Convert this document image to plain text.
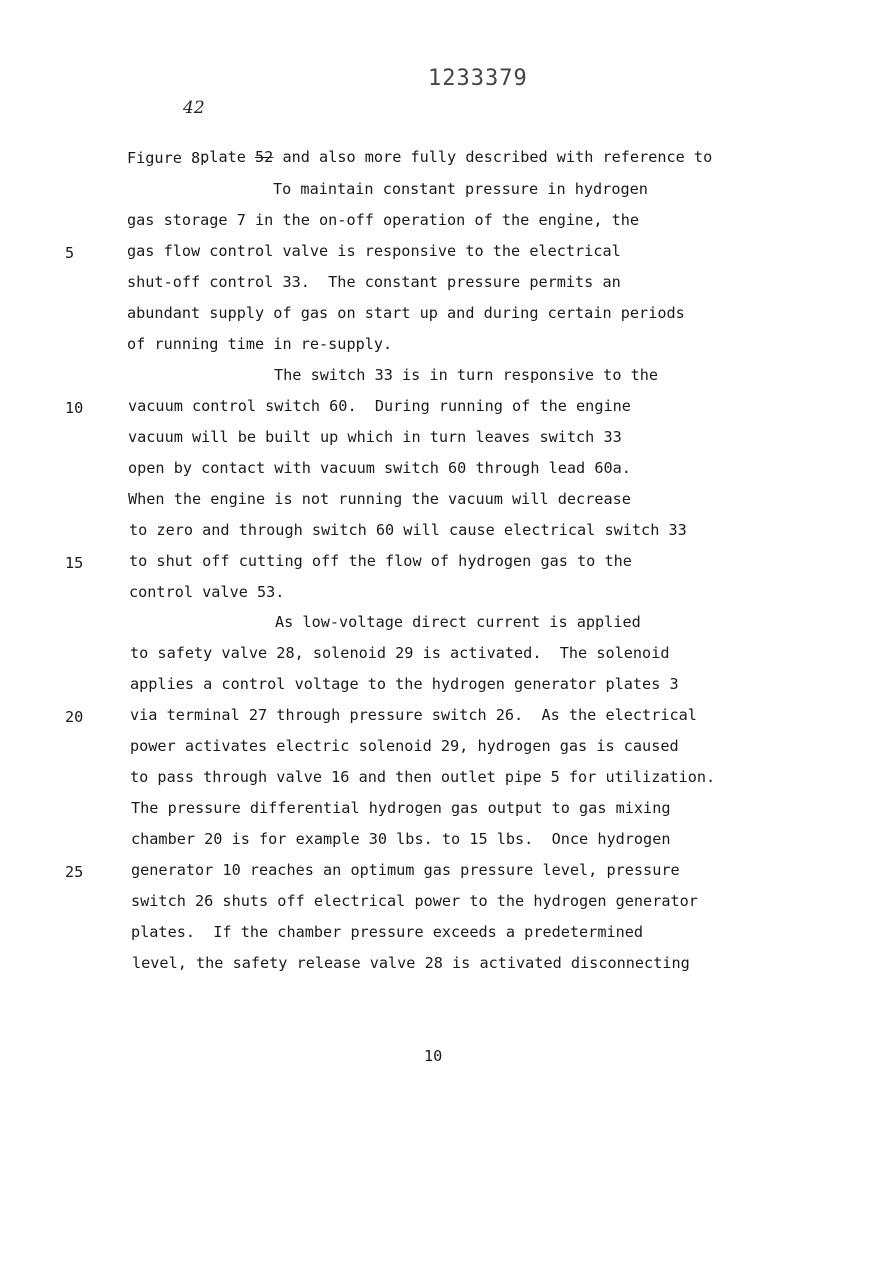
1233379
42

plate 52 and also more fully described with reference to

Figure 8.
To maintain constant pressure in hydrogen
gas storage 7 in the on-off operation of the engine, the
gas flow control valve is responsive to the electrical
shut-off control 33.  The constant pressure permits an
abundant supply of gas on start up and during certain periods
of running time in re-supply.
The switch 33 is in turn responsive to the
vacuum control switch 60.  During running of the engine
vacuum will be built up which in turn leaves switch 33
open by contact with vacuum switch 60 through lead 60a.
When the engine is not running the vacuum will decrease
to zero and through switch 60 will cause electrical switch 33
to shut off cutting off the flow of hydrogen gas to the
control valve 53.
As low-voltage direct current is applied
to safety valve 28, solenoid 29 is activated.  The solenoid
applies a control voltage to the hydrogen generator plates 3
via terminal 27 through pressure switch 26.  As the electrical
power activates electric solenoid 29, hydrogen gas is caused
to pass through valve 16 and then outlet pipe 5 for utilization.
The pressure differential hydrogen gas output to gas mixing
chamber 20 is for example 30 lbs. to 15 lbs.  Once hydrogen
generator 10 reaches an optimum gas pressure level, pressure
switch 26 shuts off electrical power to the hydrogen generator
plates.  If the chamber pressure exceeds a predetermined
level, the safety release valve 28 is activated disconnecting
5
10
15
20
25
10
